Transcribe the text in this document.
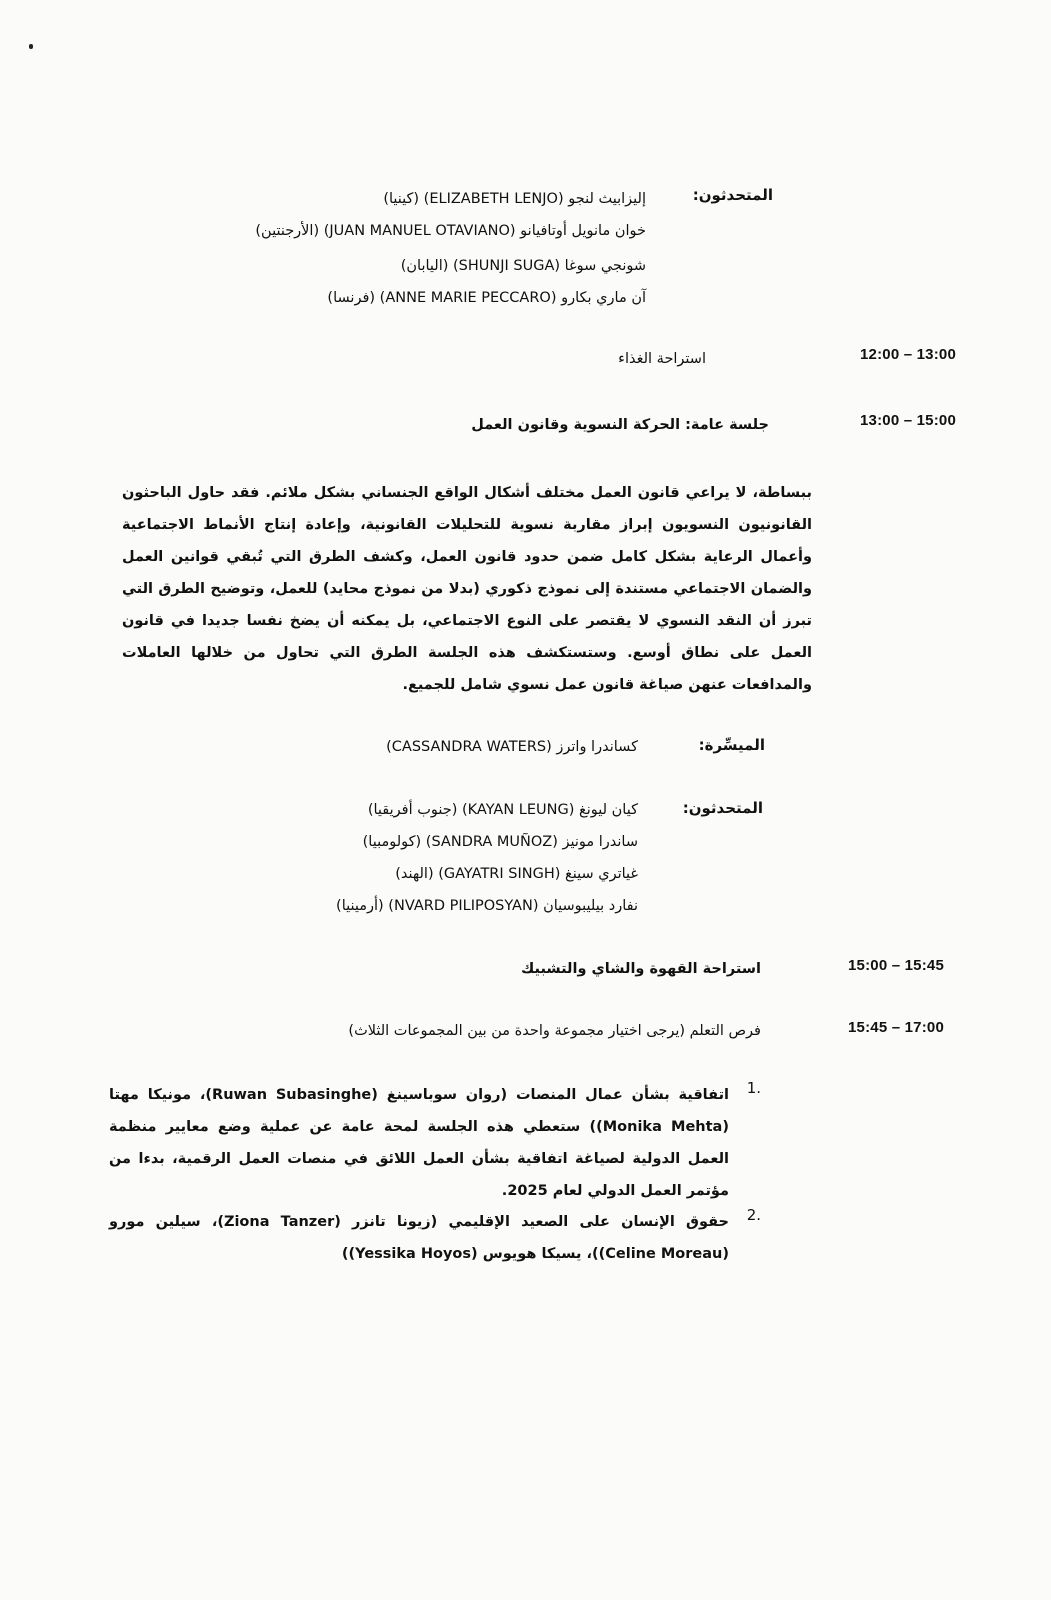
المتحدثون:
إليزابيث لنجو (ELIZABETH LENJO) (كينيا)
خوان مانويل أوتافيانو (JUAN MANUEL OTAVIANO) (الأرجنتين)
شونجي سوغا (SHUNJI SUGA) (اليابان)
آن ماري بكارو (ANNE MARIE PECCARO) (فرنسا)
12:00 – 13:00
استراحة الغذاء
13:00 – 15:00
جلسة عامة: الحركة النسوية وقانون العمل
ببساطة، لا يراعي قانون العمل مختلف أشكال الواقع الجنساني بشكل ملائم. فقد حاول الباحثون القانونيون النسويون إبراز مقاربة نسوية للتحليلات القانونية، وإعادة إنتاج الأنماط الاجتماعية وأعمال الرعاية بشكل كامل ضمن حدود قانون العمل، وكشف الطرق التي تُبقي قوانين العمل والضمان الاجتماعي مستندة إلى نموذج ذكوري (بدلا من نموذج محايد) للعمل، وتوضيح الطرق التي تبرز أن النقد النسوي لا يقتصر على النوع الاجتماعي، بل يمكنه أن يضخ نفسا جديدا في قانون العمل على نطاق أوسع. وستستكشف هذه الجلسة الطرق التي تحاول من خلالها العاملات والمدافعات عنهن صياغة قانون عمل نسوي شامل للجميع.
الميسِّرة:
كساندرا واترز (CASSANDRA WATERS)
المتحدثون:
كيان ليونغ (KAYAN LEUNG) (جنوب أفريقيا)
ساندرا مونيز (SANDRA MUÑOZ) (كولومبيا)
غياتري سينغ (GAYATRI SINGH) (الهند)
نفارد بيليبوسيان (NVARD PILIPOSYAN) (أرمينيا)
15:00 – 15:45
استراحة القهوة والشاي والتشبيك
15:45 – 17:00
فرص التعلم (يرجى اختيار مجموعة واحدة من بين المجموعات الثلاث)
1.
اتفاقية بشأن عمال المنصات (روان سوباسينغ (Ruwan Subasinghe)، مونيكا مهتا (Monika Mehta)) ستعطي هذه الجلسة لمحة عامة عن عملية وضع معايير منظمة العمل الدولية لصياغة اتفاقية بشأن العمل اللائق في منصات العمل الرقمية، بدءا من مؤتمر العمل الدولي لعام 2025.
2.
حقوق الإنسان على الصعيد الإقليمي (زيونا تانزر (Ziona Tanzer)، سيلين مورو (Celine Moreau))، يسيكا هويوس (Yessika Hoyos))
